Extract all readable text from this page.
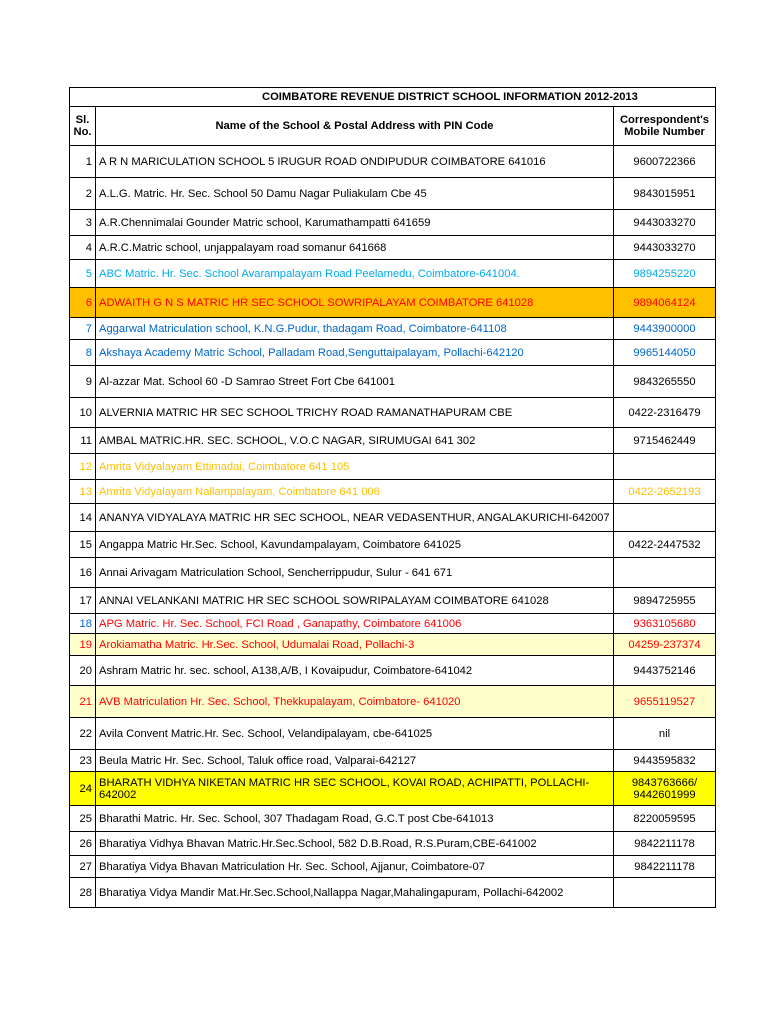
COIMBATORE REVENUE DISTRICT SCHOOL INFORMATION 2012-2013		
Sl. No.	Name of the School & Postal Address with PIN Code	Correspondent's Mobile Number
1	A R N MARICULATION SCHOOL 5 IRUGUR ROAD ONDIPUDUR COIMBATORE 641016	9600722366
2	A.L.G. Matric. Hr. Sec. School 50 Damu Nagar Puliakulam Cbe 45	9843015951
3	A.R.Chennimalai Gounder Matric school, Karumathampatti 641659	9443033270
4	A.R.C.Matric school, unjappalayam road somanur 641668	9443033270
5	ABC Matric. Hr. Sec. School Avarampalayam Road Peelamedu, Coimbatore-641004.	9894255220
6	ADWAITH G N S MATRIC HR SEC SCHOOL SOWRIPALAYAM COIMBATORE 641028	9894064124
7	Aggarwal Matriculation school, K.N.G.Pudur, thadagam Road, Coimbatore-641108	9443900000
8	Akshaya Academy Matric School, Palladam Road,Senguttaipalayam, Pollachi-642120	9965144050
9	Al-azzar Mat. School 60 -D Samrao Street Fort Cbe 641001	9843265550
10	ALVERNIA MATRIC HR SEC SCHOOL TRICHY ROAD RAMANATHAPURAM CBE	0422-2316479
11	AMBAL MATRIC.HR. SEC. SCHOOL, V.O.C NAGAR, SIRUMUGAI 641 302	9715462449
12	Amrita Vidyalayam Ettimadai, Coimbatore 641 105	
13	Amrita Vidyalayam Nallampalayam, Coimbatore 641 006	0422-2652193
14	ANANYA VIDYALAYA MATRIC HR SEC SCHOOL, NEAR VEDASENTHUR, ANGALAKURICHI-642007	
15	Angappa Matric Hr.Sec. School, Kavundampalayam, Coimbatore 641025	0422-2447532
16	Annai Arivagam Matriculation School, Sencherrippudur, Sulur - 641 671	
17	ANNAI VELANKANI MATRIC HR SEC SCHOOL SOWRIPALAYAM COIMBATORE 641028	9894725955
18	APG Matric. Hr. Sec. School, FCI Road , Ganapathy, Coimbatore 641006	9363105680
19	Arokiamatha Matric. Hr.Sec. School, Udumalai Road, Pollachi-3	04259-237374
20	Ashram Matric hr. sec. school, A138,A/B, I Kovaipudur, Coimbatore-641042	9443752146
21	AVB Matriculation Hr. Sec. School, Thekkupalayam, Coimbatore- 641020	9655119527
22	Avila Convent Matric.Hr. Sec. School, Velandipalayam, cbe-641025	nil
23	Beula Matric Hr. Sec. School, Taluk office road, Valparai-642127	9443595832
24	BHARATH VIDHYA NIKETAN MATRIC HR SEC SCHOOL, KOVAI ROAD, ACHIPATTI, POLLACHI-642002	9843763666/ 9442601999
25	Bharathi Matric. Hr. Sec. School, 307 Thadagam Road, G.C.T post Cbe-641013	8220059595
26	Bharatiya Vidhya Bhavan Matric.Hr.Sec.School, 582 D.B.Road, R.S.Puram,CBE-641002	9842211178
27	Bharatiya Vidya Bhavan Matriculation Hr. Sec. School, Ajjanur, Coimbatore-07	9842211178
28	Bharatiya Vidya Mandir Mat.Hr.Sec.School,Nallappa Nagar,Mahalingapuram, Pollachi-642002	
